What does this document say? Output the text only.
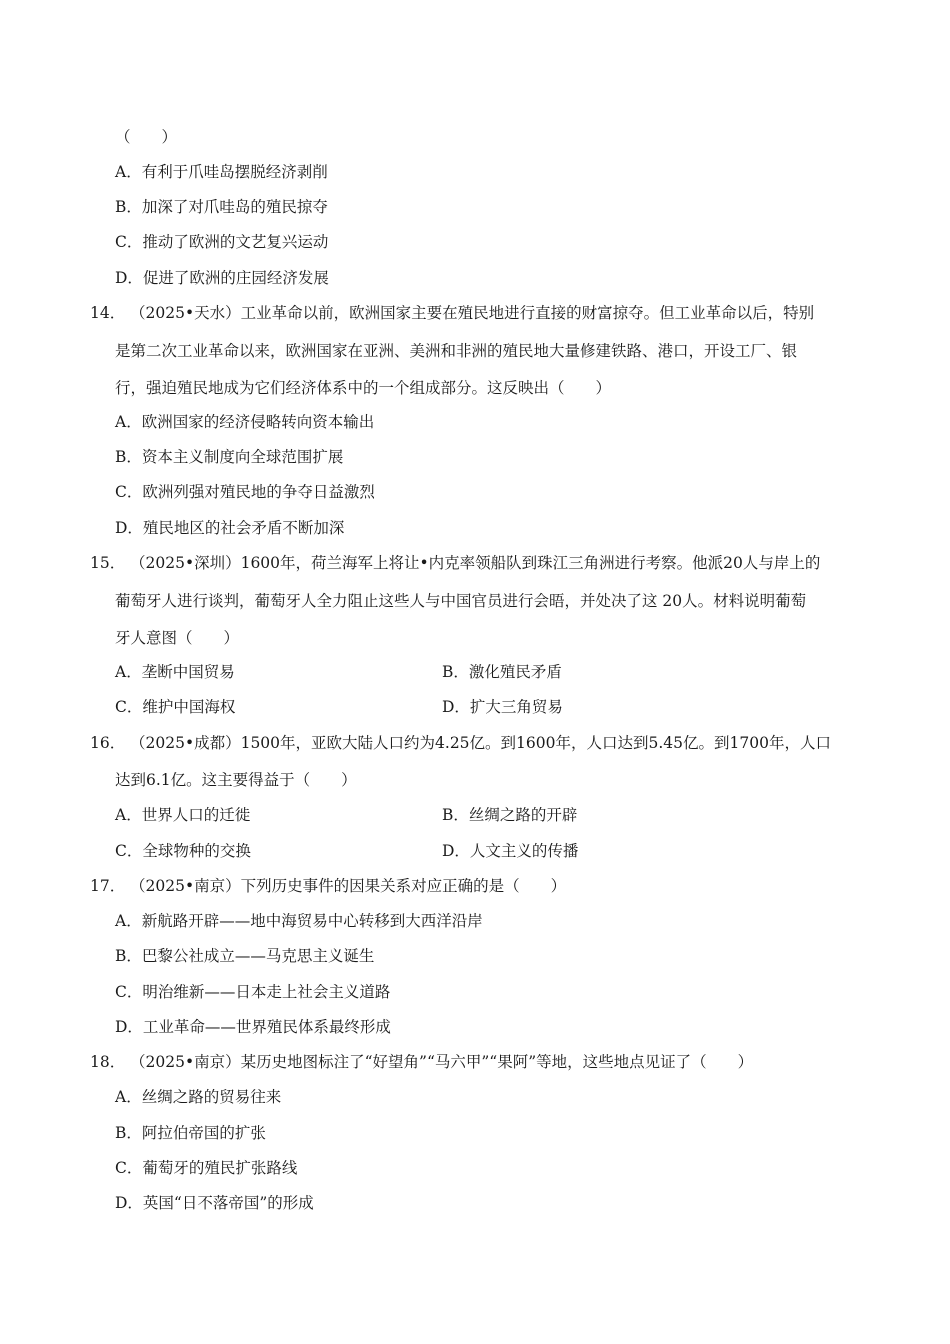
（　　）
A．有利于爪哇岛摆脱经济剥削
B．加深了对爪哇岛的殖民掠夺
C．推动了欧洲的文艺复兴运动
D．促进了欧洲的庄园经济发展
14． （2025•天水）工业革命以前，欧洲国家主要在殖民地进行直接的财富掠夺。但工业革命以后，特别
是第二次工业革命以来，欧洲国家在亚洲、美洲和非洲的殖民地大量修建铁路、港口，开设工厂、银
行，强迫殖民地成为它们经济体系中的一个组成部分。这反映出（　　）
A．欧洲国家的经济侵略转向资本输出
B．资本主义制度向全球范围扩展
C．欧洲列强对殖民地的争夺日益激烈
D．殖民地区的社会矛盾不断加深
15． （2025•深圳）1600年，荷兰海军上将让•内克率领船队到珠江三角洲进行考察。他派20人与岸上的
葡萄牙人进行谈判，葡萄牙人全力阻止这些人与中国官员进行会晤，并处决了这 20人。材料说明葡萄
牙人意图（　　）
A．垄断中国贸易	B．激化殖民矛盾
C．维护中国海权	D．扩大三角贸易
16． （2025•成都）1500年，亚欧大陆人口约为4.25亿。到1600年，人口达到5.45亿。到1700年，人口
达到6.1亿。这主要得益于（　　）
A．世界人口的迁徙	B．丝绸之路的开辟
C．全球物种的交换	D．人文主义的传播
17． （2025•南京）下列历史事件的因果关系对应正确的是（　　）
A．新航路开辟——地中海贸易中心转移到大西洋沿岸
B．巴黎公社成立——马克思主义诞生
C．明治维新——日本走上社会主义道路
D．工业革命——世界殖民体系最终形成
18． （2025•南京）某历史地图标注了“好望角”“马六甲”“果阿”等地，这些地点见证了（　　）
A．丝绸之路的贸易往来
B．阿拉伯帝国的扩张
C．葡萄牙的殖民扩张路线
D．英国“日不落帝国”的形成
